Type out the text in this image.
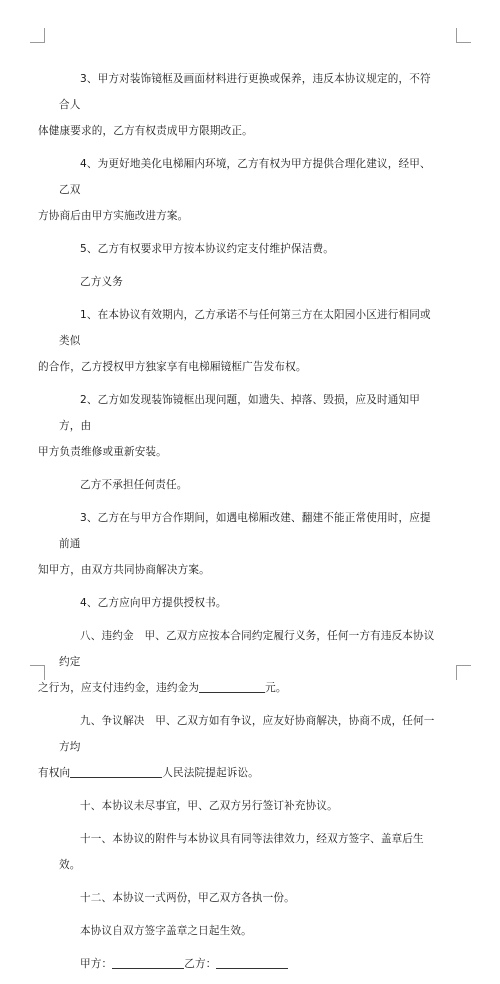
3、甲方对装饰镜框及画面材料进行更换或保养，违反本协议规定的，不符合人
体健康要求的，乙方有权责成甲方限期改正。
4、为更好地美化电梯厢内环境，乙方有权为甲方提供合理化建议，经甲、乙双
方协商后由甲方实施改进方案。
5、乙方有权要求甲方按本协议约定支付维护保洁费。
乙方义务
1、在本协议有效期内，乙方承诺不与任何第三方在太阳园小区进行相同或类似
的合作，乙方授权甲方独家享有电梯厢镜框广告发布权。
2、乙方如发现装饰镜框出现问题，如遗失、掉落、毁损，应及时通知甲方，由
甲方负责维修或重新安装。
乙方不承担任何责任。
3、乙方在与甲方合作期间，如遇电梯厢改建、翻建不能正常使用时，应提前通
知甲方，由双方共同协商解决方案。
4、乙方应向甲方提供授权书。
八、违约金　甲、乙双方应按本合同约定履行义务，任何一方有违反本协议约定
之行为，应支付违约金，违约金为	元。
九、争议解决　甲、乙双方如有争议，应友好协商解决，协商不成，任何一方均
有权向	人民法院提起诉讼。
十、本协议未尽事宜，甲、乙双方另行签订补充协议。
十一、本协议的附件与本协议具有同等法律效力，经双方签字、盖章后生效。
十二、本协议一式两份，甲乙双方各执一份。
本协议自双方签字盖章之日起生效。
甲方：	乙方：
